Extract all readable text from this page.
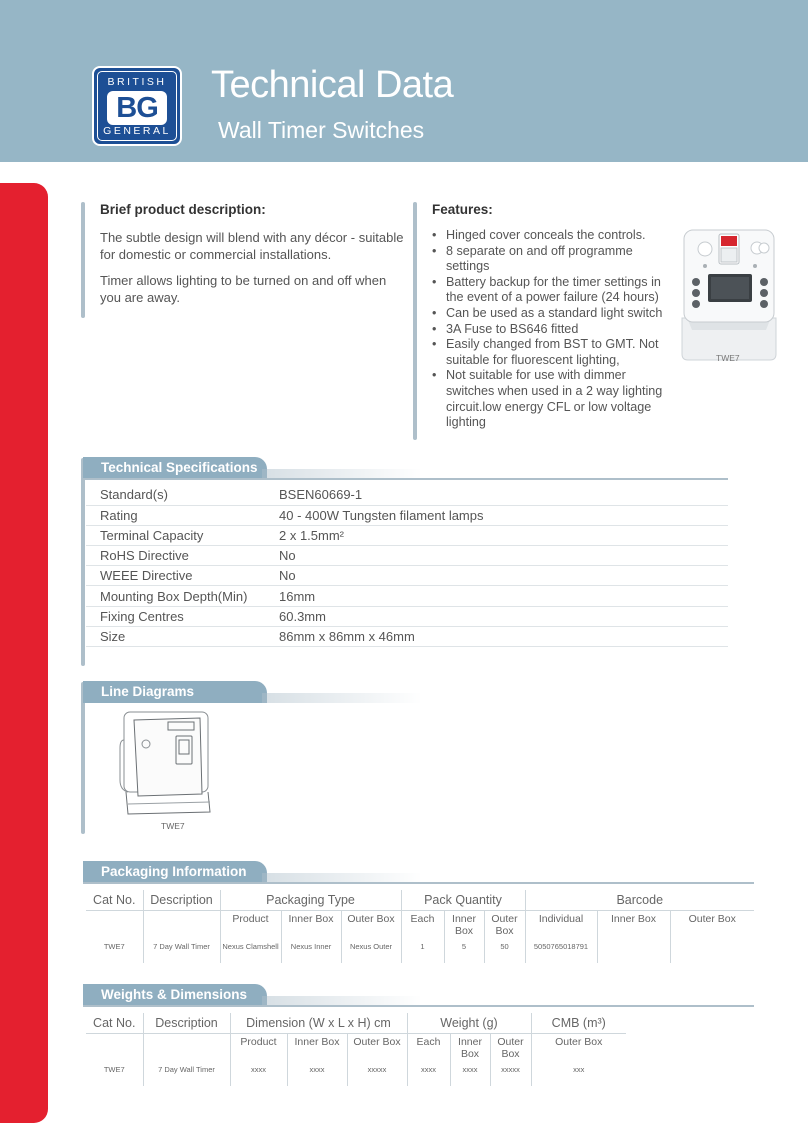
BRITISH
BG
GENERAL
Technical Data
Wall Timer Switches
Brief product description:
The subtle design will blend with any décor - suitable for domestic or commercial installations.
Timer allows lighting to be turned on and off when you are away.
Features:
• Hinged cover conceals the controls.
• 8 separate on and off programme settings
• Battery backup for the timer settings in the event of a power failure (24 hours)
• Can be used as a standard light switch
• 3A Fuse to BS646 fitted
• Easily changed from BST to GMT. Not suitable for fluorescent lighting,
• Not suitable for use with dimmer switches when used in a 2 way lighting circuit.low energy CFL or low voltage lighting
TWE7
Technical Specifications
Standard(s)	BSEN60669-1
Rating	40 - 400W Tungsten filament lamps
Terminal Capacity	2 x 1.5mm²
RoHS Directive	No
WEEE Directive	No
Mounting Box Depth(Min)	16mm
Fixing Centres	60.3mm
Size	86mm x 86mm x 46mm
Line Diagrams
TWE7
Packaging Information
Cat No.	Description	Packaging Type			Pack Quantity			Barcode		
		Product	Inner Box	Outer Box	Each	Inner Box	Outer Box	Individual	Inner Box	Outer Box
TWE7	7 Day Wall Timer	Nexus Clamshell	Nexus Inner	Nexus Outer	1	5	50	5050765018791		
Weights & Dimensions
Cat No.	Description	Dimension (W x L x H) cm			Weight (g)			CMB (m³)
		Product	Inner Box	Outer Box	Each	Inner Box	Outer Box	Outer Box
TWE7	7 Day Wall Timer	xxxx	xxxx	xxxxx	xxxx	xxxx	xxxxx	xxx
